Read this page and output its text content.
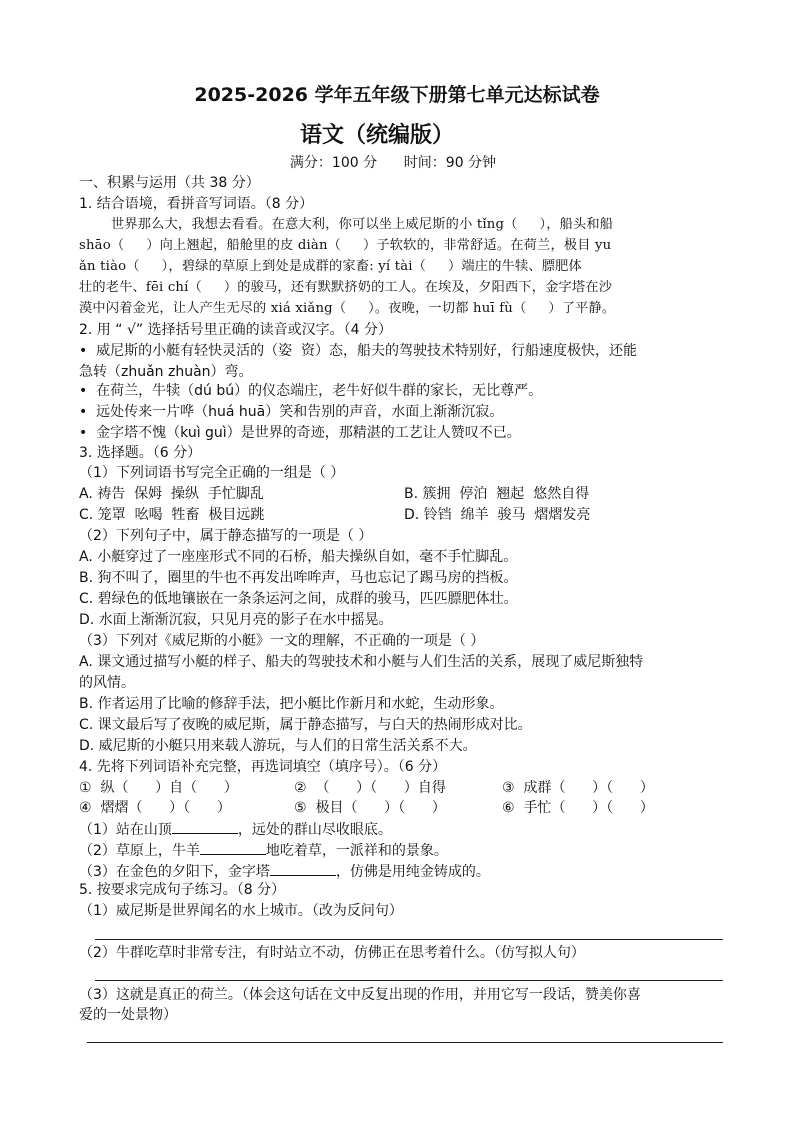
2025-2026 学年五年级下册第七单元达标试卷
语文（统编版）
满分：100 分      时间：90 分钟
一、积累与运用（共 38 分）
1. 结合语境，看拼音写词语。（8 分）
世界那么大，我想去看看。在意大利，你可以坐上威尼斯的小 tǐng（     ），船头和船
shāo（     ）向上翘起，船舱里的皮 diàn（     ）子软软的，非常舒适。在荷兰，极目 yu
ǎn tiào（     ），碧绿的草原上到处是成群的家畜: yí tài（     ）端庄的牛犊、膘肥体
壮的老牛、fēi chí（     ）的骏马，还有默默挤奶的工人。在埃及，夕阳西下，金字塔在沙
漠中闪着金光，让人产生无尽的 xiá xiǎng（     ）。夜晚，一切都 huī fù（     ）了平静。
2. 用 “ √” 选择括号里正确的读音或汉字。（4 分）
•  威尼斯的小艇有轻快灵活的（姿  资）态，船夫的驾驶技术特别好，行船速度极快，还能
急转（zhuǎn zhuàn）弯。
•  在荷兰，牛犊（dú bú）的仪态端庄，老牛好似牛群的家长，无比尊严。
•  远处传来一片哗（huá huā）笑和告别的声音，水面上渐渐沉寂。
•  金字塔不愧（kuì guì）是世界的奇迹，那精湛的工艺让人赞叹不已。
3. 选择题。（6 分）
（1）下列词语书写完全正确的一组是（ ）
A. 祷告  保姆  操纵  手忙脚乱	B. 簇拥  停泊  翘起  悠然自得
C. 笼罩  吆喝  牲畜  极目远跳	D. 铃铛  绵羊  骏马  熠熠发亮
（2）下列句子中，属于静态描写的一项是（ ）
A. 小艇穿过了一座座形式不同的石桥，船夫操纵自如，毫不手忙脚乱。
B. 狗不叫了，圈里的牛也不再发出哞哞声，马也忘记了踢马房的挡板。
C. 碧绿色的低地镶嵌在一条条运河之间，成群的骏马，匹匹膘肥体壮。
D. 水面上渐渐沉寂，只见月亮的影子在水中摇晃。
（3）下列对《威尼斯的小艇》一文的理解，不正确的一项是（ ）
A. 课文通过描写小艇的样子、船夫的驾驶技术和小艇与人们生活的关系，展现了威尼斯独特
的风情。
B. 作者运用了比喻的修辞手法，把小艇比作新月和水蛇，生动形象。
C. 课文最后写了夜晚的威尼斯，属于静态描写，与白天的热闹形成对比。
D. 威尼斯的小艇只用来载人游玩，与人们的日常生活关系不大。
4. 先将下列词语补充完整，再选词填空（填序号）。（6 分）
①  纵（      ）自（      ）	②  （      ）（      ）自得	③  成群（      ）（      ）
④  熠熠（      ）（      ）	⑤  极目（      ）（      ）	⑥  手忙（      ）（      ）
（1）站在山顶	，远处的群山尽收眼底。
（2）草原上，牛羊	地吃着草，一派祥和的景象。
（3）在金色的夕阳下，金字塔	，仿佛是用纯金铸成的。
5. 按要求完成句子练习。（8 分）
（1）威尼斯是世界闻名的水上城市。（改为反问句）
（2）牛群吃草时非常专注，有时站立不动，仿佛正在思考着什么。（仿写拟人句）
（3）这就是真正的荷兰。（体会这句话在文中反复出现的作用，并用它写一段话，赞美你喜
爱的一处景物）
